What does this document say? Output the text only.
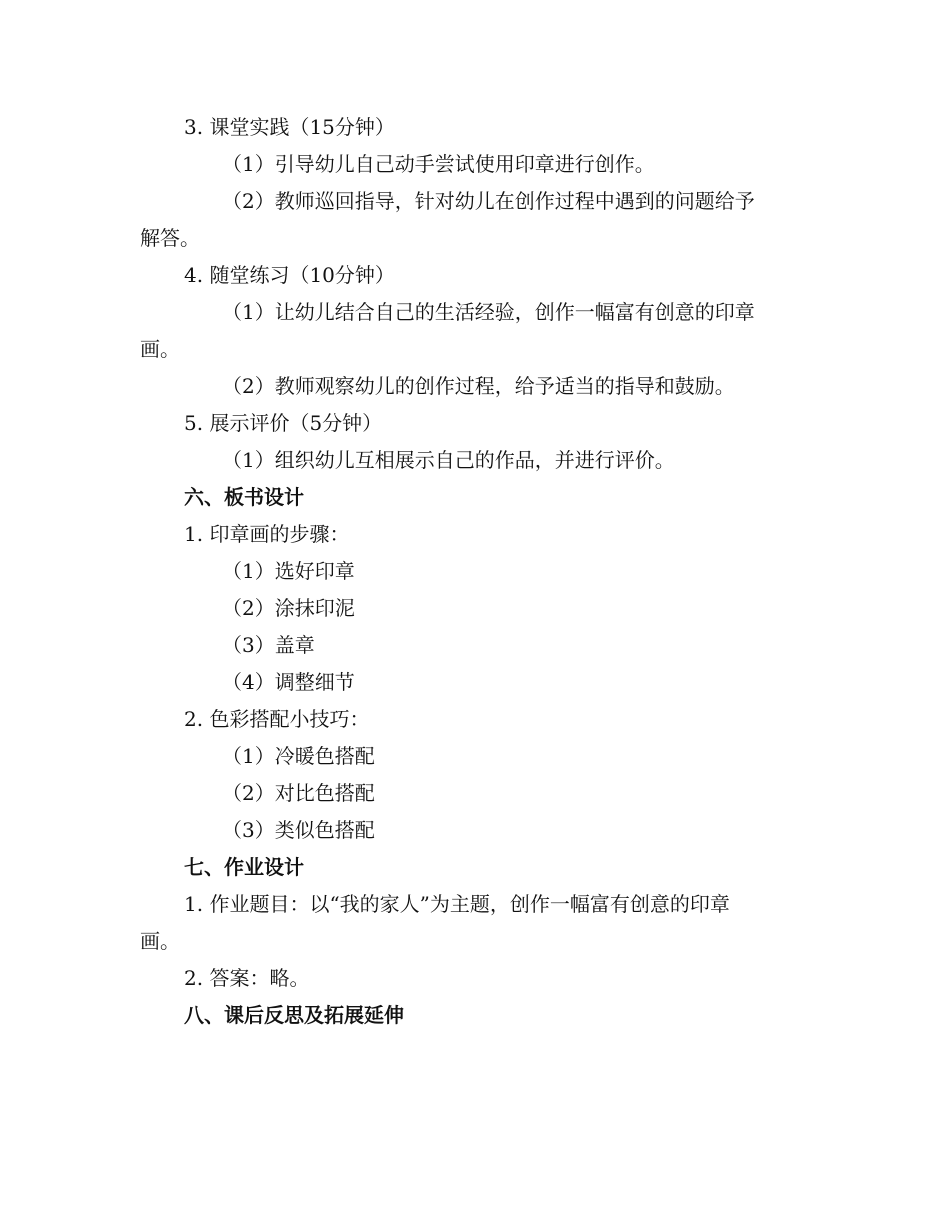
3. 课堂实践（15分钟）
（1）引导幼儿自己动手尝试使用印章进行创作。
（2）教师巡回指导，针对幼儿在创作过程中遇到的问题给予
解答。
4. 随堂练习（10分钟）
（1）让幼儿结合自己的生活经验，创作一幅富有创意的印章
画。
（2）教师观察幼儿的创作过程，给予适当的指导和鼓励。
5. 展示评价（5分钟）
（1）组织幼儿互相展示自己的作品，并进行评价。
六、板书设计
1. 印章画的步骤：
（1）选好印章
（2）涂抹印泥
（3）盖章
（4）调整细节
2. 色彩搭配小技巧：
（1）冷暖色搭配
（2）对比色搭配
（3）类似色搭配
七、作业设计
1. 作业题目：以“我的家人”为主题，创作一幅富有创意的印章
画。
2. 答案：略。
八、课后反思及拓展延伸
